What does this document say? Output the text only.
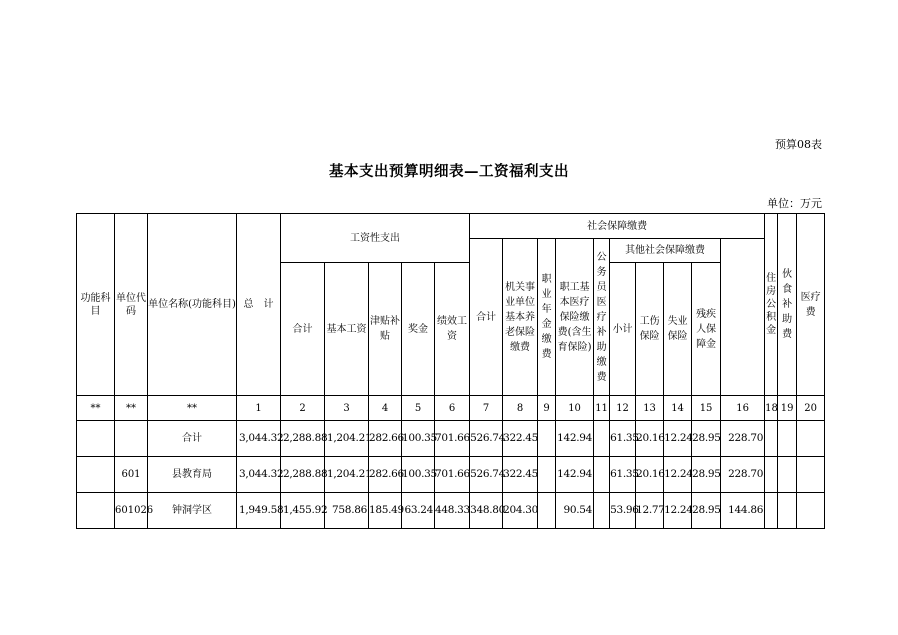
预算08表
基本支出预算明细表—工资福利支出
单位：万元
功能科目	单位代码	单位名称(功能科目)	总　计	工资性支出					社会保障缴费										住房公积金	伙食补助费	医疗费	
									合计	机关事业单位基本养老保险缴费	职业年金缴费	职工基本医疗保险缴费(含生育保险)	公务员医疗补助缴费	其他社会保障缴费								
				合计	基本工资	津贴补贴	奖金	绩效工资						小计	工伤保险	失业保险	残疾人保障金					
**	**	**	1	2	3	4	5	6	7	8	9	10	11	12	13	14	15	16	18	19	20	
		合计	3,044.32	2,288.88	1,204.21	282.66	100.35	701.66	526.74	322.45		142.94		61.35	20.16	12.24	28.95	228.70				
	601	县教育局	3,044.32	2,288.88	1,204.21	282.66	100.35	701.66	526.74	322.45		142.94		61.35	20.16	12.24	28.95	228.70				
	601026	钟洞学区	1,949.58	1,455.92	758.86	185.49	63.24	448.33	348.80	204.30		90.54		53.96	12.77	12.24	28.95	144.86				
